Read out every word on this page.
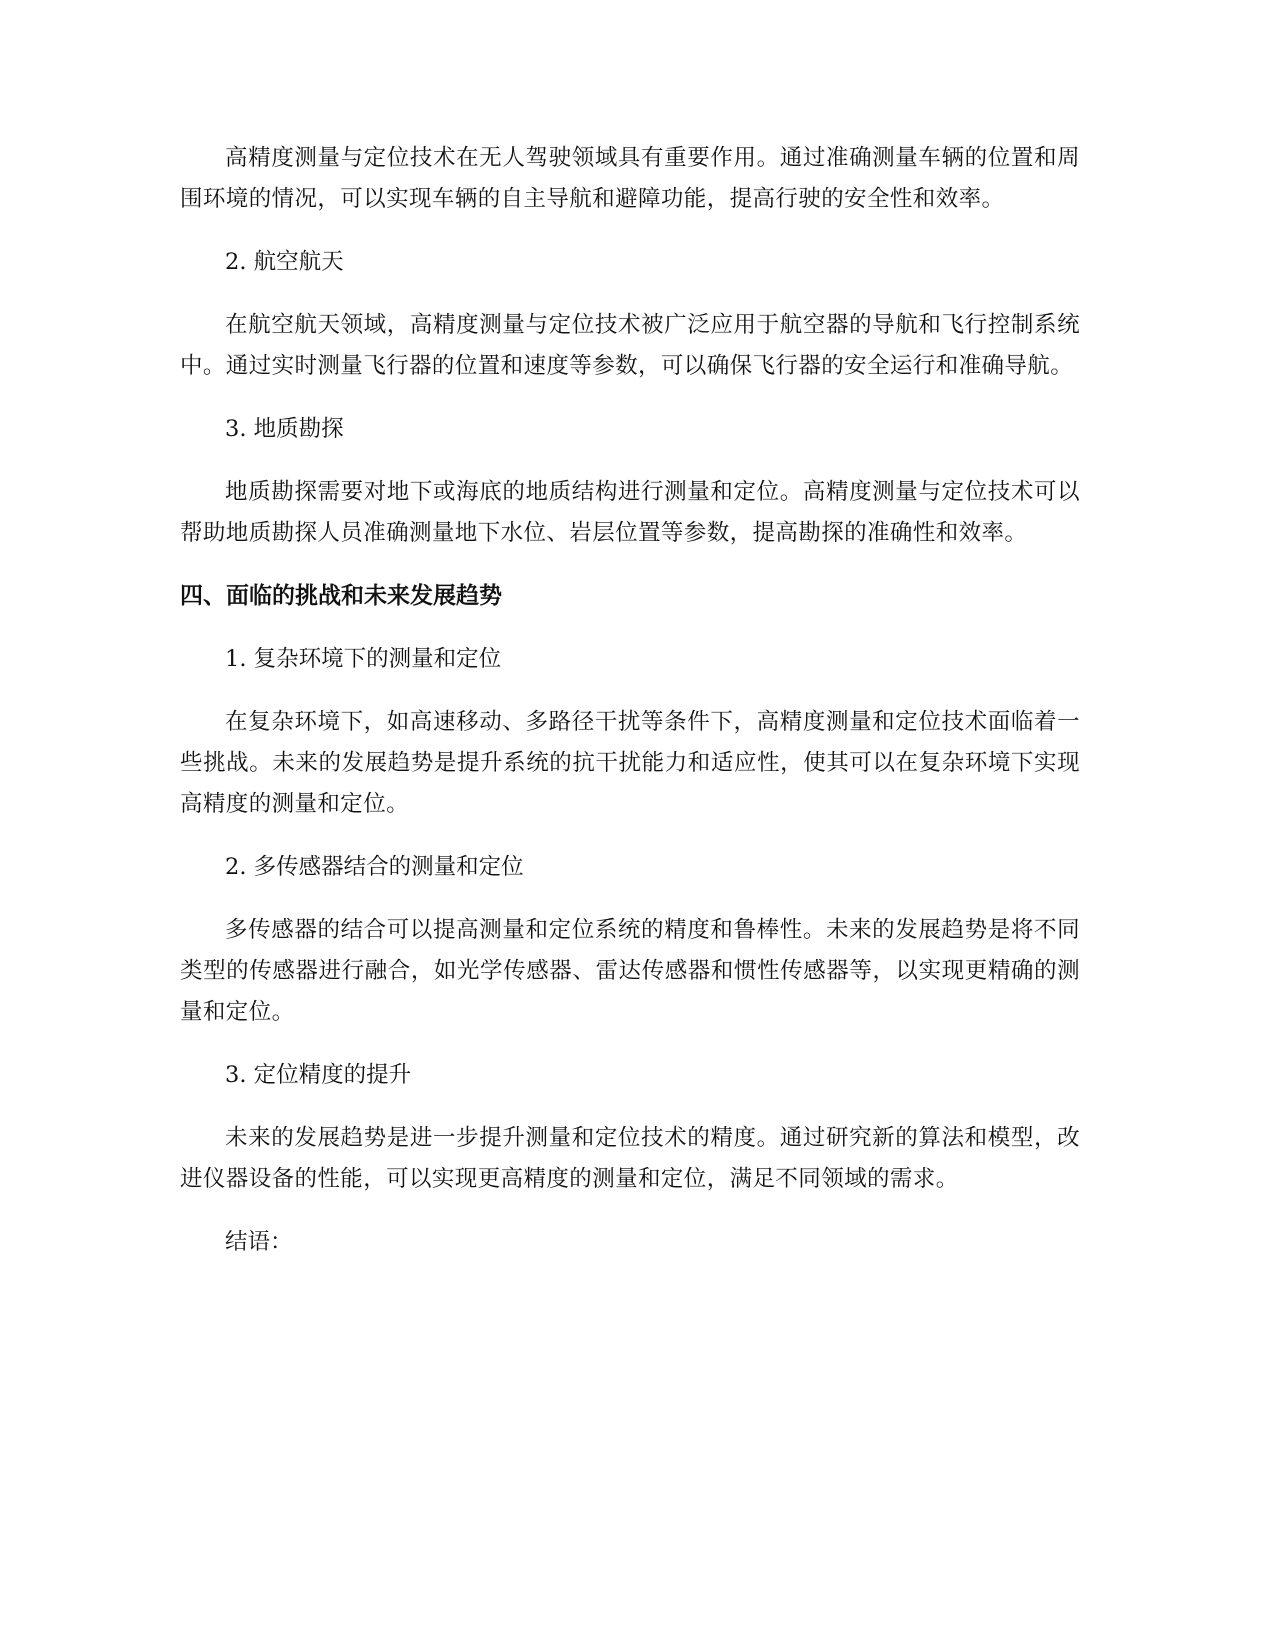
高精度测量与定位技术在无人驾驶领域具有重要作用。通过准确测量车辆的位置和周围环境的情况，可以实现车辆的自主导航和避障功能，提高行驶的安全性和效率。

2. 航空航天

在航空航天领域，高精度测量与定位技术被广泛应用于航空器的导航和飞行控制系统中。通过实时测量飞行器的位置和速度等参数，可以确保飞行器的安全运行和准确导航。

3. 地质勘探

地质勘探需要对地下或海底的地质结构进行测量和定位。高精度测量与定位技术可以帮助地质勘探人员准确测量地下水位、岩层位置等参数，提高勘探的准确性和效率。

四、面临的挑战和未来发展趋势

1. 复杂环境下的测量和定位

在复杂环境下，如高速移动、多路径干扰等条件下，高精度测量和定位技术面临着一些挑战。未来的发展趋势是提升系统的抗干扰能力和适应性，使其可以在复杂环境下实现高精度的测量和定位。

2. 多传感器结合的测量和定位

多传感器的结合可以提高测量和定位系统的精度和鲁棒性。未来的发展趋势是将不同类型的传感器进行融合，如光学传感器、雷达传感器和惯性传感器等，以实现更精确的测量和定位。

3. 定位精度的提升

未来的发展趋势是进一步提升测量和定位技术的精度。通过研究新的算法和模型，改进仪器设备的性能，可以实现更高精度的测量和定位，满足不同领域的需求。

结语：
